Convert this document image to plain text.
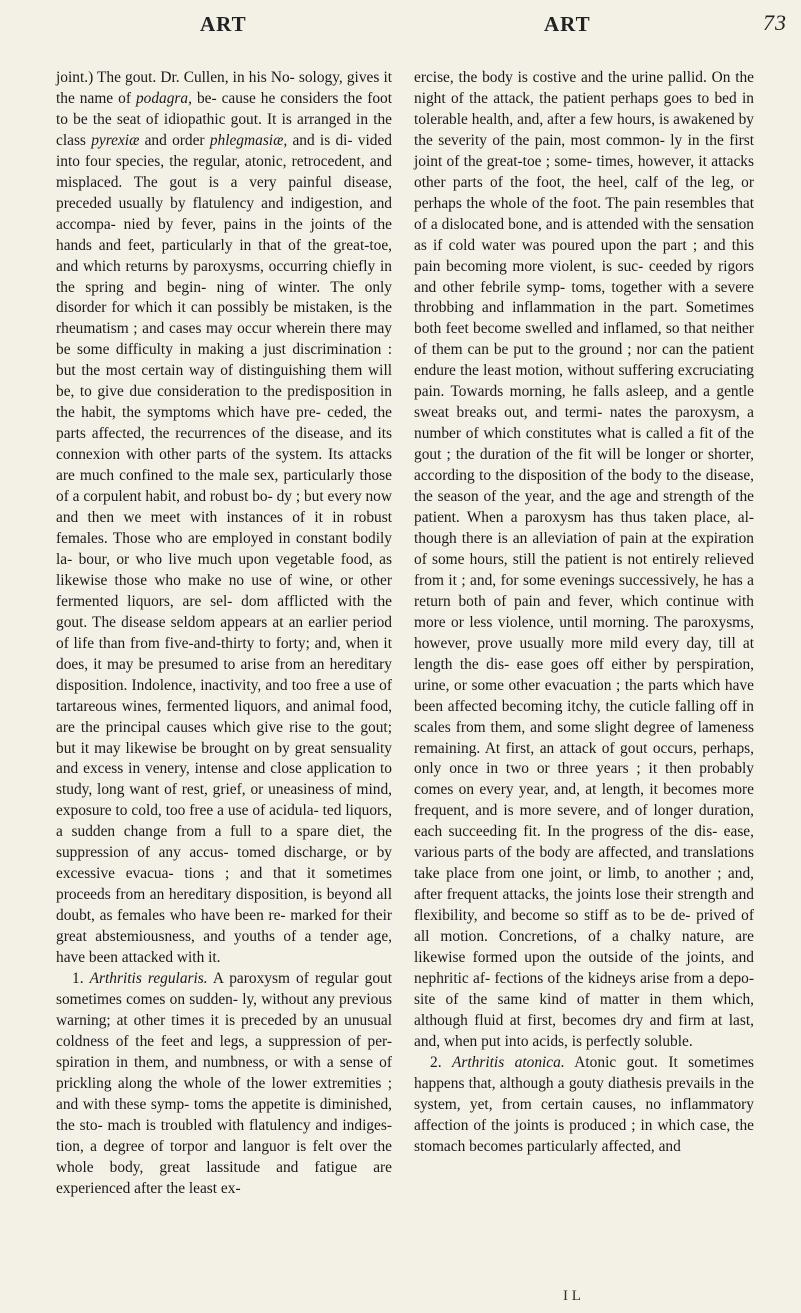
ART	ART	73

joint.) The gout. Dr. Cullen, in his No- sology, gives it the name of podagra, be- cause he considers the foot to be the seat of idiopathic gout. It is arranged in the class pyrexiæ and order phlegmasiæ, and is di- vided into four species, the regular, atonic, retrocedent, and misplaced. The gout is a very painful disease, preceded usually by flatulency and indigestion, and accompa- nied by fever, pains in the joints of the hands and feet, particularly in that of the great-toe, and which returns by paroxysms, occurring chiefly in the spring and begin- ning of winter. The only disorder for which it can possibly be mistaken, is the rheumatism ; and cases may occur wherein there may be some difficulty in making a just discrimination : but the most certain way of distinguishing them will be, to give due consideration to the predisposition in the habit, the symptoms which have pre- ceded, the parts affected, the recurrences of the disease, and its connexion with other parts of the system. Its attacks are much confined to the male sex, particularly those of a corpulent habit, and robust bo- dy ; but every now and then we meet with instances of it in robust females. Those who are employed in constant bodily la- bour, or who live much upon vegetable food, as likewise those who make no use of wine, or other fermented liquors, are sel- dom afflicted with the gout. The disease seldom appears at an earlier period of life than from five-and-thirty to forty; and, when it does, it may be presumed to arise from an hereditary disposition. Indolence, inactivity, and too free a use of tartareous wines, fermented liquors, and animal food, are the principal causes which give rise to the gout; but it may likewise be brought on by great sensuality and excess in venery, intense and close application to study, long want of rest, grief, or uneasiness of mind, exposure to cold, too free a use of acidula- ted liquors, a sudden change from a full to a spare diet, the suppression of any accus- tomed discharge, or by excessive evacua- tions ; and that it sometimes proceeds from an hereditary disposition, is beyond all doubt, as females who have been re- marked for their great abstemiousness, and youths of a tender age, have been attacked with it.

1. Arthritis regularis. A paroxysm of regular gout sometimes comes on sudden- ly, without any previous warning; at other times it is preceded by an unusual coldness of the feet and legs, a suppression of per- spiration in them, and numbness, or with a sense of prickling along the whole of the lower extremities ; and with these symp- toms the appetite is diminished, the sto- mach is troubled with flatulency and indiges- tion, a degree of torpor and languor is felt over the whole body, great lassitude and fatigue are experienced after the least ex-

ercise, the body is costive and the urine pallid. On the night of the attack, the patient perhaps goes to bed in tolerable health, and, after a few hours, is awakened by the severity of the pain, most common- ly in the first joint of the great-toe ; some- times, however, it attacks other parts of the foot, the heel, calf of the leg, or perhaps the whole of the foot. The pain resembles that of a dislocated bone, and is attended with the sensation as if cold water was poured upon the part ; and this pain becoming more violent, is suc- ceeded by rigors and other febrile symp- toms, together with a severe throbbing and inflammation in the part. Sometimes both feet become swelled and inflamed, so that neither of them can be put to the ground ; nor can the patient endure the least motion, without suffering excruciating pain. Towards morning, he falls asleep, and a gentle sweat breaks out, and termi- nates the paroxysm, a number of which constitutes what is called a fit of the gout ; the duration of the fit will be longer or shorter, according to the disposition of the body to the disease, the season of the year, and the age and strength of the patient. When a paroxysm has thus taken place, al- though there is an alleviation of pain at the expiration of some hours, still the patient is not entirely relieved from it ; and, for some evenings successively, he has a return both of pain and fever, which continue with more or less violence, until morning. The paroxysms, however, prove usually more mild every day, till at length the dis- ease goes off either by perspiration, urine, or some other evacuation ; the parts which have been affected becoming itchy, the cuticle falling off in scales from them, and some slight degree of lameness remaining. At first, an attack of gout occurs, perhaps, only once in two or three years ; it then probably comes on every year, and, at length, it becomes more frequent, and is more severe, and of longer duration, each succeeding fit. In the progress of the dis- ease, various parts of the body are affected, and translations take place from one joint, or limb, to another ; and, after frequent attacks, the joints lose their strength and flexibility, and become so stiff as to be de- prived of all motion. Concretions, of a chalky nature, are likewise formed upon the outside of the joints, and nephritic af- fections of the kidneys arise from a depo- site of the same kind of matter in them which, although fluid at first, becomes dry and firm at last, and, when put into acids, is perfectly soluble.

2. Arthritis atonica. Atonic gout. It sometimes happens that, although a gouty diathesis prevails in the system, yet, from certain causes, no inflammatory affection of the joints is produced ; in which case, the stomach becomes particularly affected, and

I L
